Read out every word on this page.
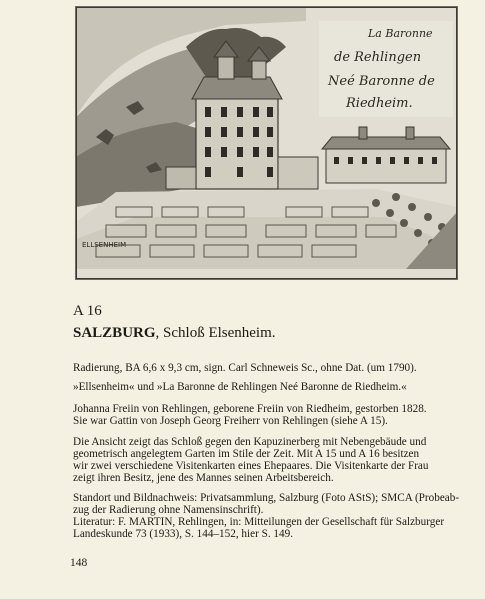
La Baronne
de Rehlingen
Neé Baronne de
Riedheim.
ELLSENHEIM
A 16
SALZBURG, Schloß Elsenheim.

Radierung, BA 6,6 x 9,3 cm, sign. Carl Schneweis Sc., ohne Dat. (um 1790).

»Ellsenheim« und »La Baronne de Rehlingen Neé Baronne de Riedheim.«

Johanna Freiin von Rehlingen, geborene Freiin von Riedheim, gestorben 1828.
Sie war Gattin von Joseph Georg Freiherr von Rehlingen (siehe A 15).

Die Ansicht zeigt das Schloß gegen den Kapuzinerberg mit Nebengebäude und
geometrisch angelegtem Garten im Stile der Zeit. Mit A 15 und A 16 besitzen
wir zwei verschiedene Visitenkarten eines Ehepaares. Die Visitenkarte der Frau
zeigt ihren Besitz, jene des Mannes seinen Arbeitsbereich.

Standort und Bildnachweis: Privatsammlung, Salzburg (Foto AStS); SMCA (Probeab-
zug der Radierung ohne Namensinschrift).
Literatur: F. MARTIN, Rehlingen, in: Mitteilungen der Gesellschaft für Salzburger
Landeskunde 73 (1933), S. 144–152, hier S. 149.

148
